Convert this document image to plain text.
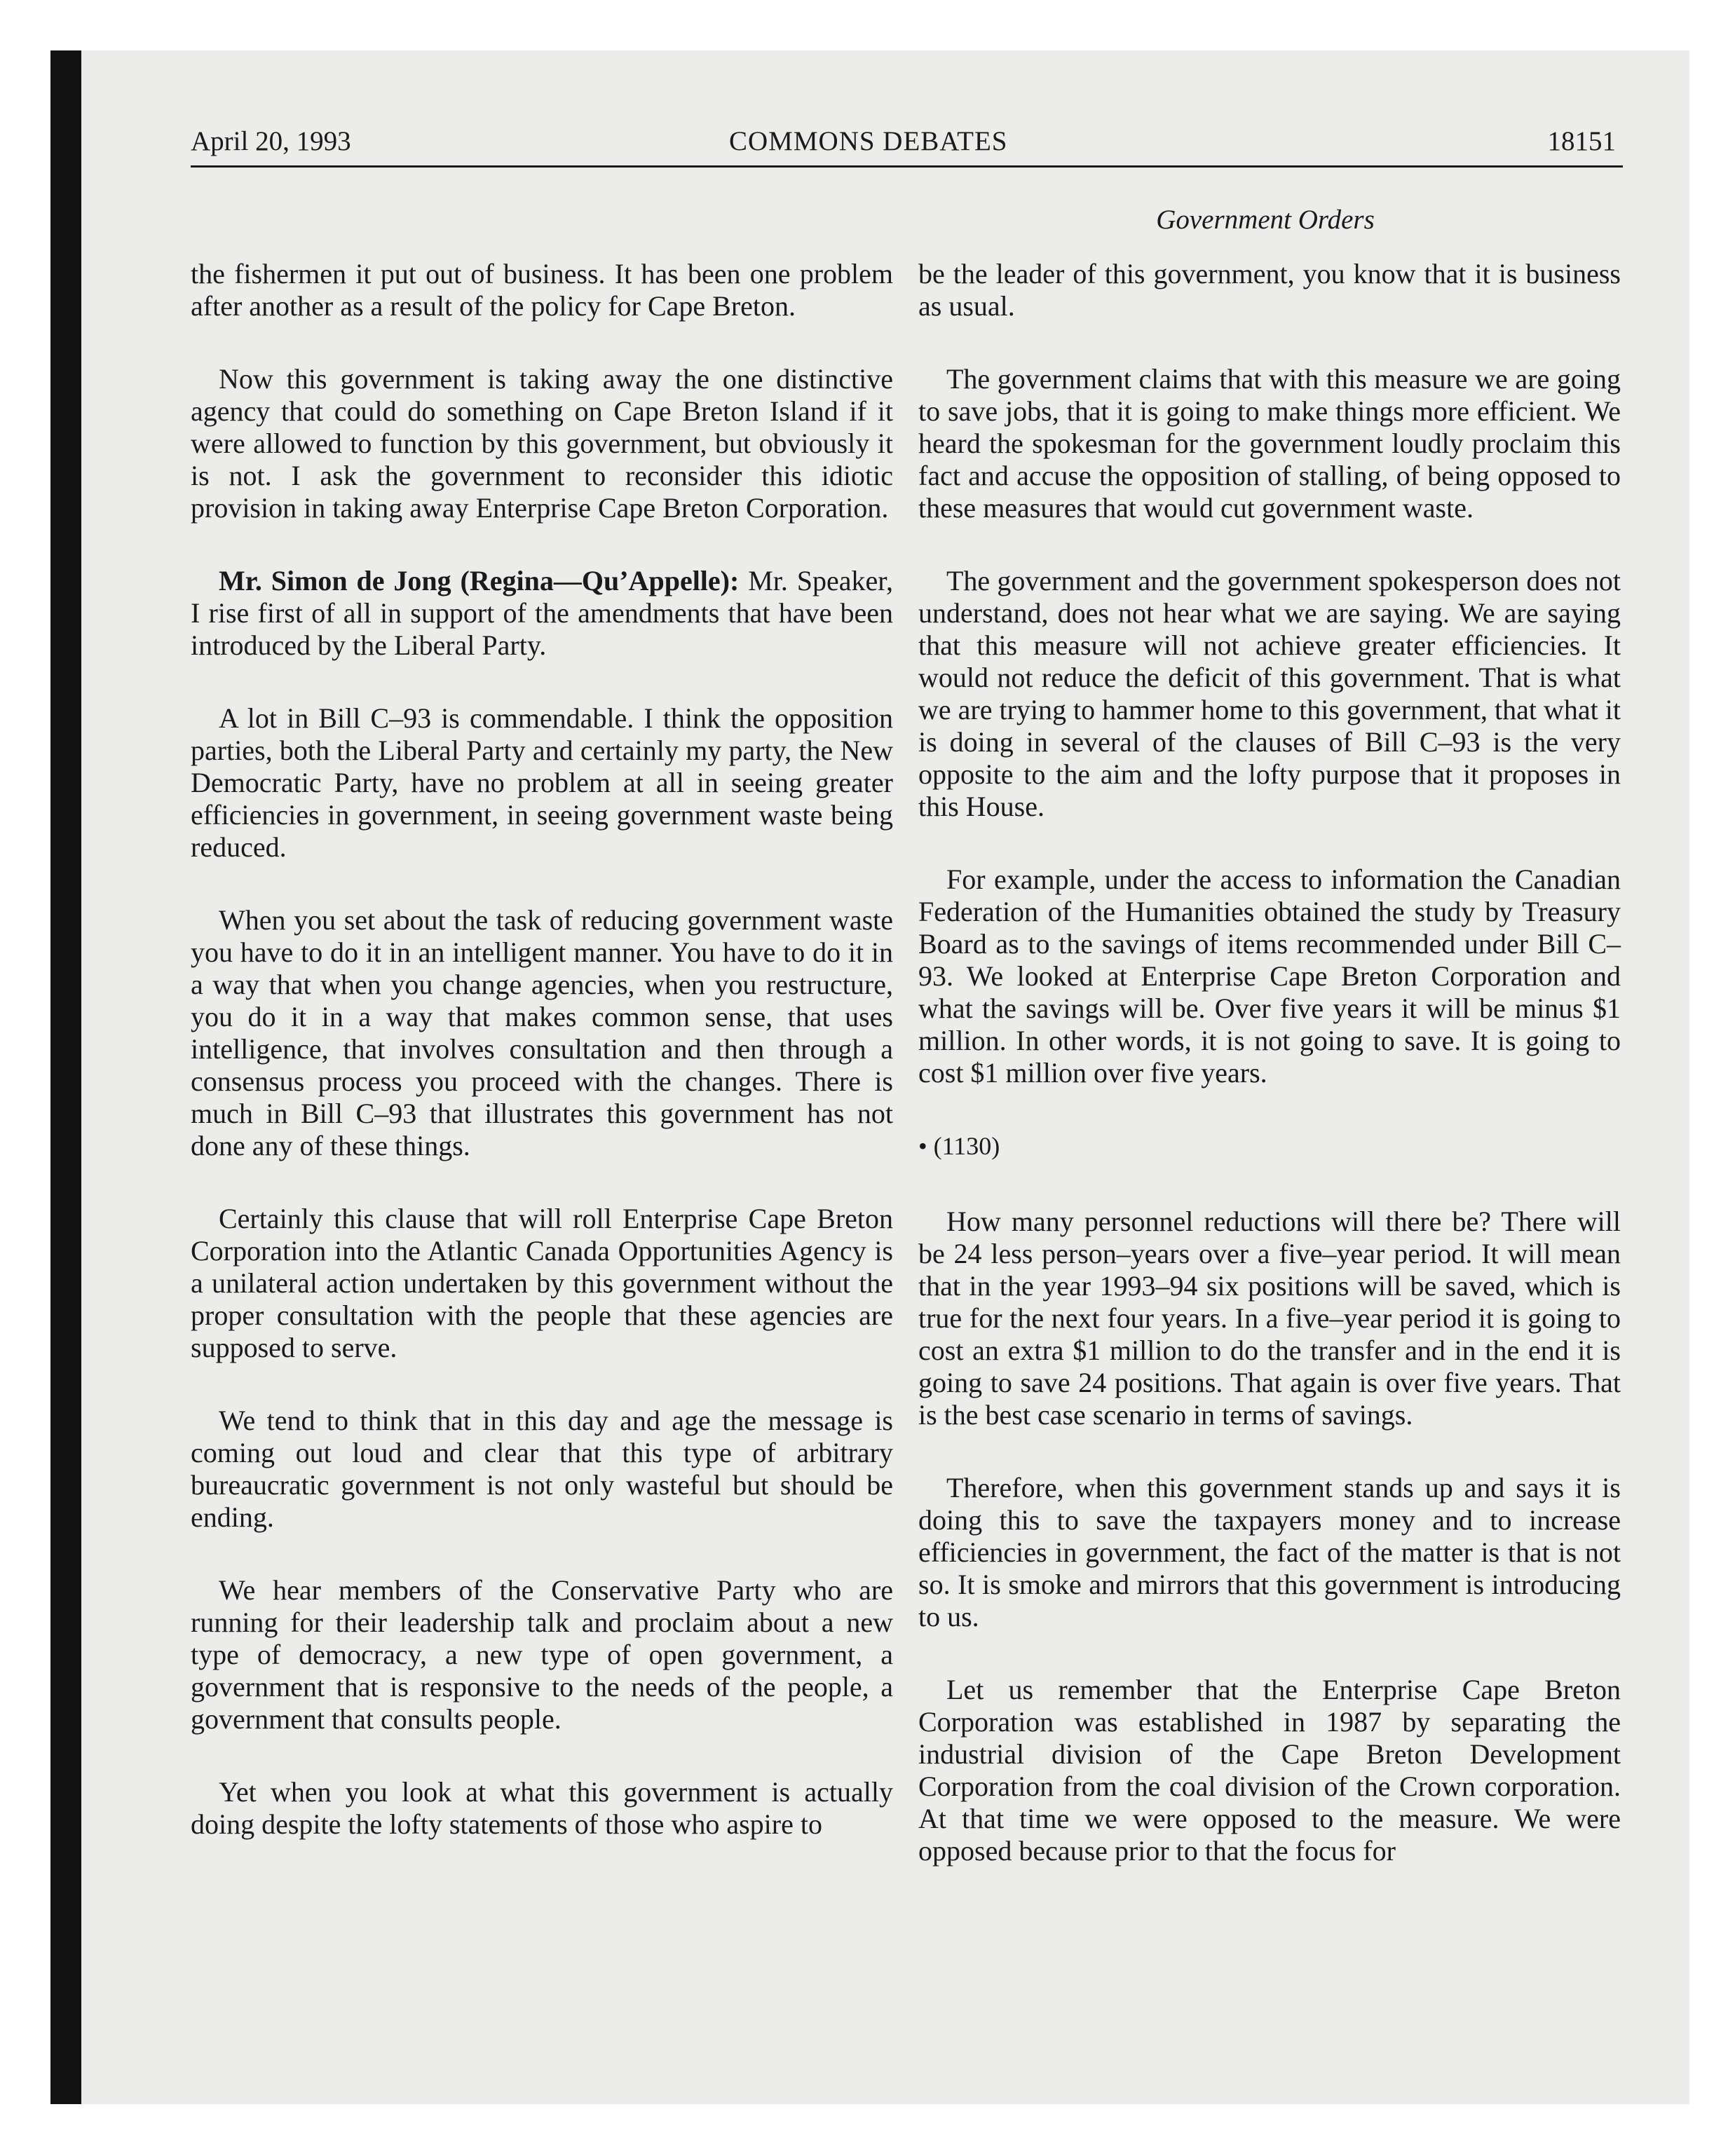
April 20, 1993	COMMONS DEBATES	18151
Government Orders

the fishermen it put out of business. It has been one problem after another as a result of the policy for Cape Breton.

Now this government is taking away the one distinctive agency that could do something on Cape Breton Island if it were allowed to function by this government, but obviously it is not. I ask the government to reconsider this idiotic provision in taking away Enterprise Cape Breton Corporation.

Mr. Simon de Jong (Regina—Qu’Appelle): Mr. Speaker, I rise first of all in support of the amendments that have been introduced by the Liberal Party.

A lot in Bill C–93 is commendable. I think the opposition parties, both the Liberal Party and certainly my party, the New Democratic Party, have no problem at all in seeing greater efficiencies in government, in seeing government waste being reduced.

When you set about the task of reducing government waste you have to do it in an intelligent manner. You have to do it in a way that when you change agencies, when you restructure, you do it in a way that makes common sense, that uses intelligence, that involves consultation and then through a consensus process you proceed with the changes. There is much in Bill C–93 that illustrates this government has not done any of these things.

Certainly this clause that will roll Enterprise Cape Breton Corporation into the Atlantic Canada Opportunities Agency is a unilateral action undertaken by this government without the proper consultation with the people that these agencies are supposed to serve.

We tend to think that in this day and age the message is coming out loud and clear that this type of arbitrary bureaucratic government is not only wasteful but should be ending.

We hear members of the Conservative Party who are running for their leadership talk and proclaim about a new type of democracy, a new type of open government, a government that is responsive to the needs of the people, a government that consults people.

Yet when you look at what this government is actually doing despite the lofty statements of those who aspire to

be the leader of this government, you know that it is business as usual.

The government claims that with this measure we are going to save jobs, that it is going to make things more efficient. We heard the spokesman for the government loudly proclaim this fact and accuse the opposition of stalling, of being opposed to these measures that would cut government waste.

The government and the government spokesperson does not understand, does not hear what we are saying. We are saying that this measure will not achieve greater efficiencies. It would not reduce the deficit of this government. That is what we are trying to hammer home to this government, that what it is doing in several of the clauses of Bill C–93 is the very opposite to the aim and the lofty purpose that it proposes in this House.

For example, under the access to information the Canadian Federation of the Humanities obtained the study by Treasury Board as to the savings of items recommended under Bill C–93. We looked at Enterprise Cape Breton Corporation and what the savings will be. Over five years it will be minus $1 million. In other words, it is not going to save. It is going to cost $1 million over five years.

• (1130)

How many personnel reductions will there be? There will be 24 less person–years over a five–year period. It will mean that in the year 1993–94 six positions will be saved, which is true for the next four years. In a five–year period it is going to cost an extra $1 million to do the transfer and in the end it is going to save 24 positions. That again is over five years. That is the best case scenario in terms of savings.

Therefore, when this government stands up and says it is doing this to save the taxpayers money and to increase efficiencies in government, the fact of the matter is that is not so. It is smoke and mirrors that this government is introducing to us.

Let us remember that the Enterprise Cape Breton Corporation was established in 1987 by separating the industrial division of the Cape Breton Development Corporation from the coal division of the Crown corporation. At that time we were opposed to the measure. We were opposed because prior to that the focus for
